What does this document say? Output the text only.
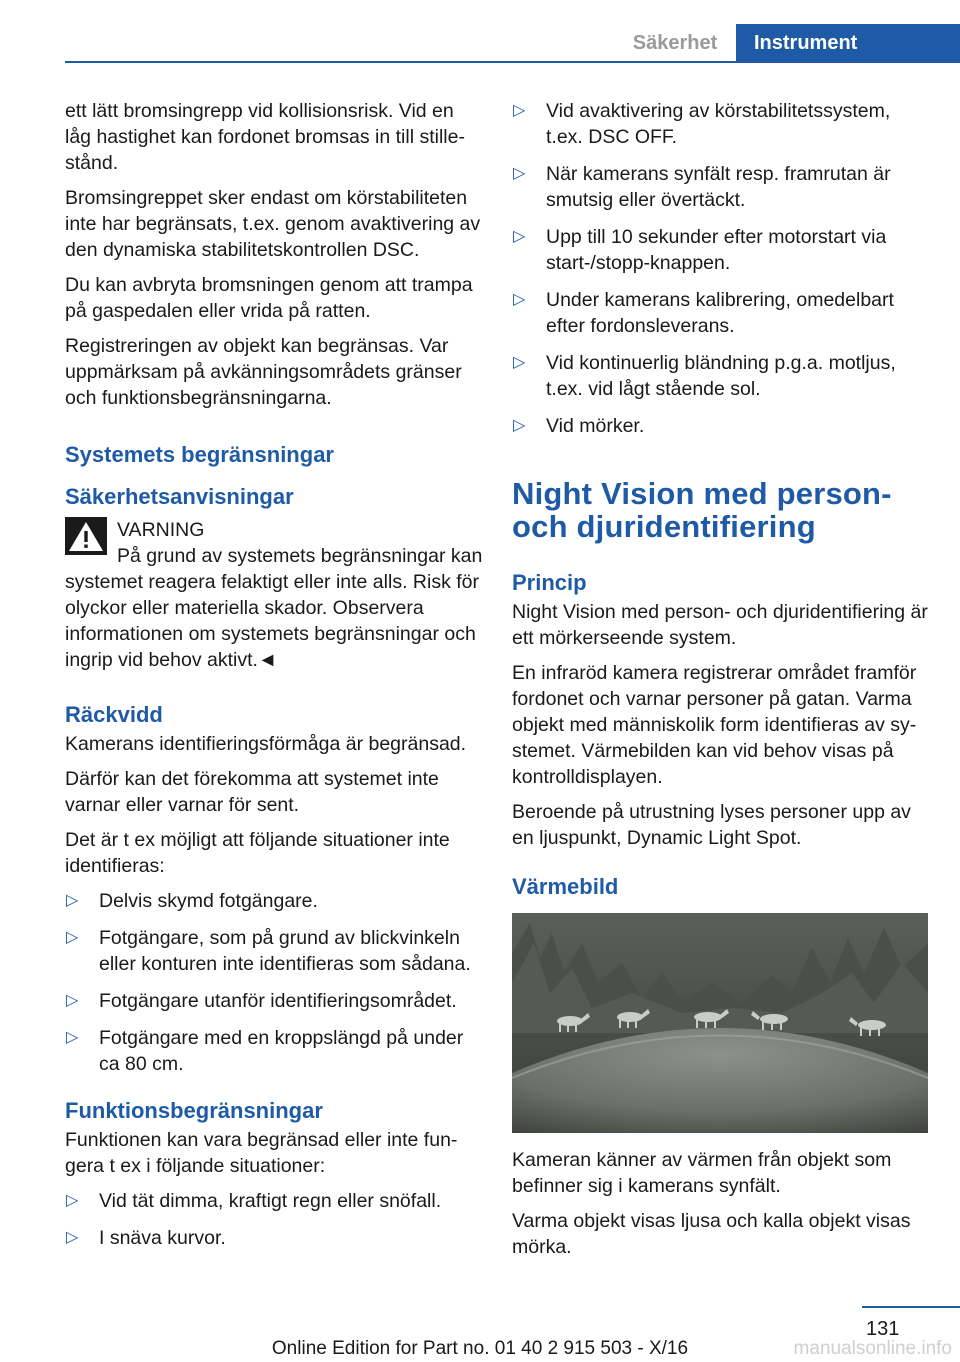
Säkerhet	Instrument

ett lätt bromsingrepp vid kollisionsrisk. Vid en låg hastighet kan fordonet bromsas in till stillestånd.

Bromsingreppet sker endast om körstabiliteten inte har begränsats, t.ex. genom avaktivering av den dynamiska stabilitetskontrollen DSC.

Du kan avbryta bromsningen genom att trampa på gaspedalen eller vrida på ratten.

Registreringen av objekt kan begränsas. Var uppmärksam på avkänningsområdets gränser och funktionsbegränsningarna.

Systemets begränsningar
Säkerhetsanvisningar
VARNING

På grund av systemets begränsningar kan systemet reagera felaktigt eller inte alls. Risk för olyckor eller materiella skador. Observera informationen om systemets begränsningar och ingrip vid behov aktivt.◄

Räckvidd

Kamerans identifieringsförmåga är begränsad.

Därför kan det förekomma att systemet inte varnar eller varnar för sent.

Det är t ex möjligt att följande situationer inte identifieras:

▷ Delvis skymd fotgängare.
▷ Fotgängare, som på grund av blickvinkeln eller konturen inte identifieras som sådana.
▷ Fotgängare utanför identifieringsområdet.
▷ Fotgängare med en kroppslängd på under ca 80 cm.
Funktionsbegränsningar

Funktionen kan vara begränsad eller inte fungera t ex i följande situationer:

▷ Vid tät dimma, kraftigt regn eller snöfall.
▷ I snäva kurvor.
▷ Vid avaktivering av körstabilitetssystem, t.ex. DSC OFF.
▷ När kamerans synfält resp. framrutan är smutsig eller övertäckt.
▷ Upp till 10 sekunder efter motorstart via start-/stopp-knappen.
▷ Under kamerans kalibrering, omedelbart efter fordonsleverans.
▷ Vid kontinuerlig bländning p.g.a. motljus, t.ex. vid lågt stående sol.
▷ Vid mörker.
Night Vision med person- och djuridentifiering
Princip

Night Vision med person- och djuridentifiering är ett mörkerseende system.

En infraröd kamera registrerar området framför fordonet och varnar personer på gatan. Varma objekt med människolik form identifieras av systemet. Värmebilden kan vid behov visas på kontrolldisplayen.

Beroende på utrustning lyses personer upp av en ljuspunkt, Dynamic Light Spot.

Värmebild

Kameran känner av värmen från objekt som befinner sig i kamerans synfält.

Varma objekt visas ljusa och kalla objekt visas mörka.

131
Online Edition for Part no. 01 40 2 915 503 - X/16	manualsonline.info
